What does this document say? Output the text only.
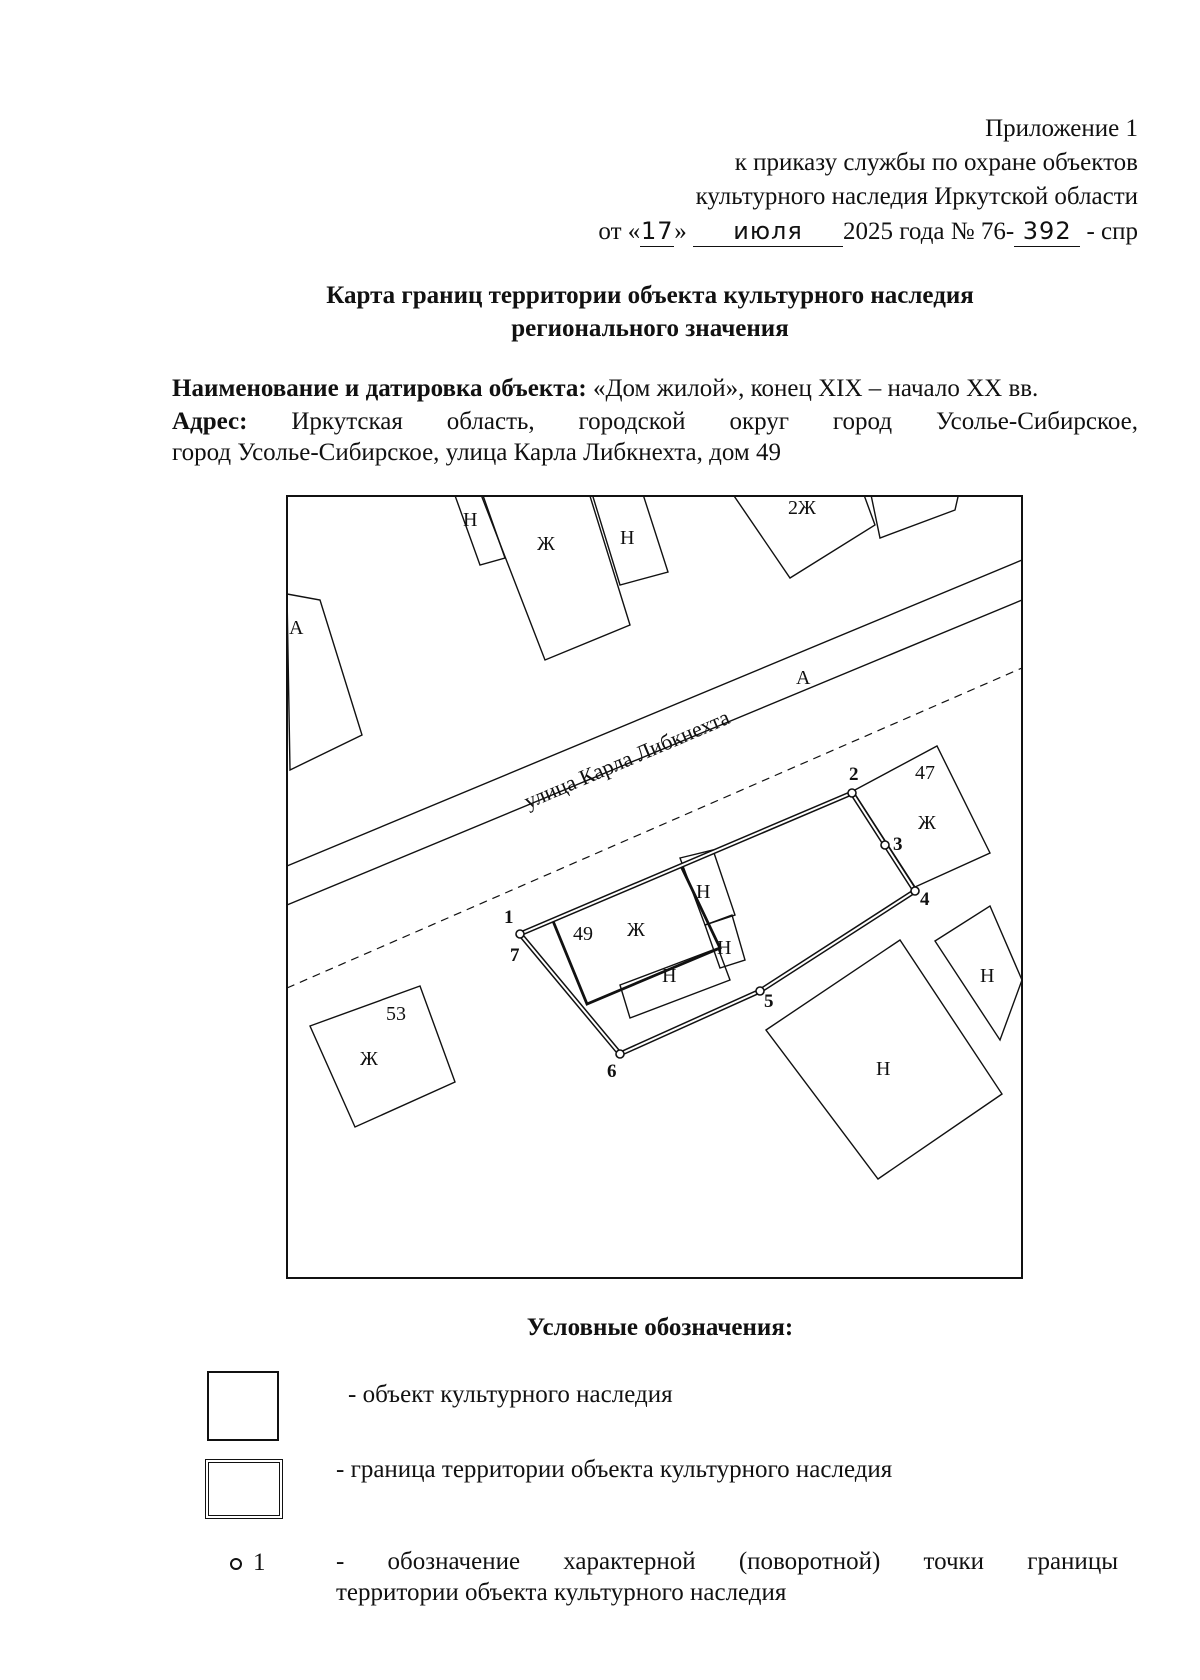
Приложение 1
к приказу службы по охране объектов
культурного наследия Иркутской области
от «17» июля 2025 года № 76- 392 - спр
Карта границ территории объекта культурного наследия
регионального значения
Наименование и датировка объекта: «Дом жилой», конец XIX – начало XX вв.
Адрес: Иркутская область, городской округ город Усолье-Сибирское,
город Усолье-Сибирское, улица Карла Либкнехта, дом 49
Н
Ж	Н
2Ж
А
А
улица Карла Либкнехта	47
Ж
Н
49 Ж
Н
Н
53
Ж
Н
Н
1
2
3
4
5
6
7
Условные обозначения:
- объект культурного наследия
- граница территории объекта культурного наследия
1	- обозначение характерной (поворотной) точки границы
территории объекта культурного наследия
